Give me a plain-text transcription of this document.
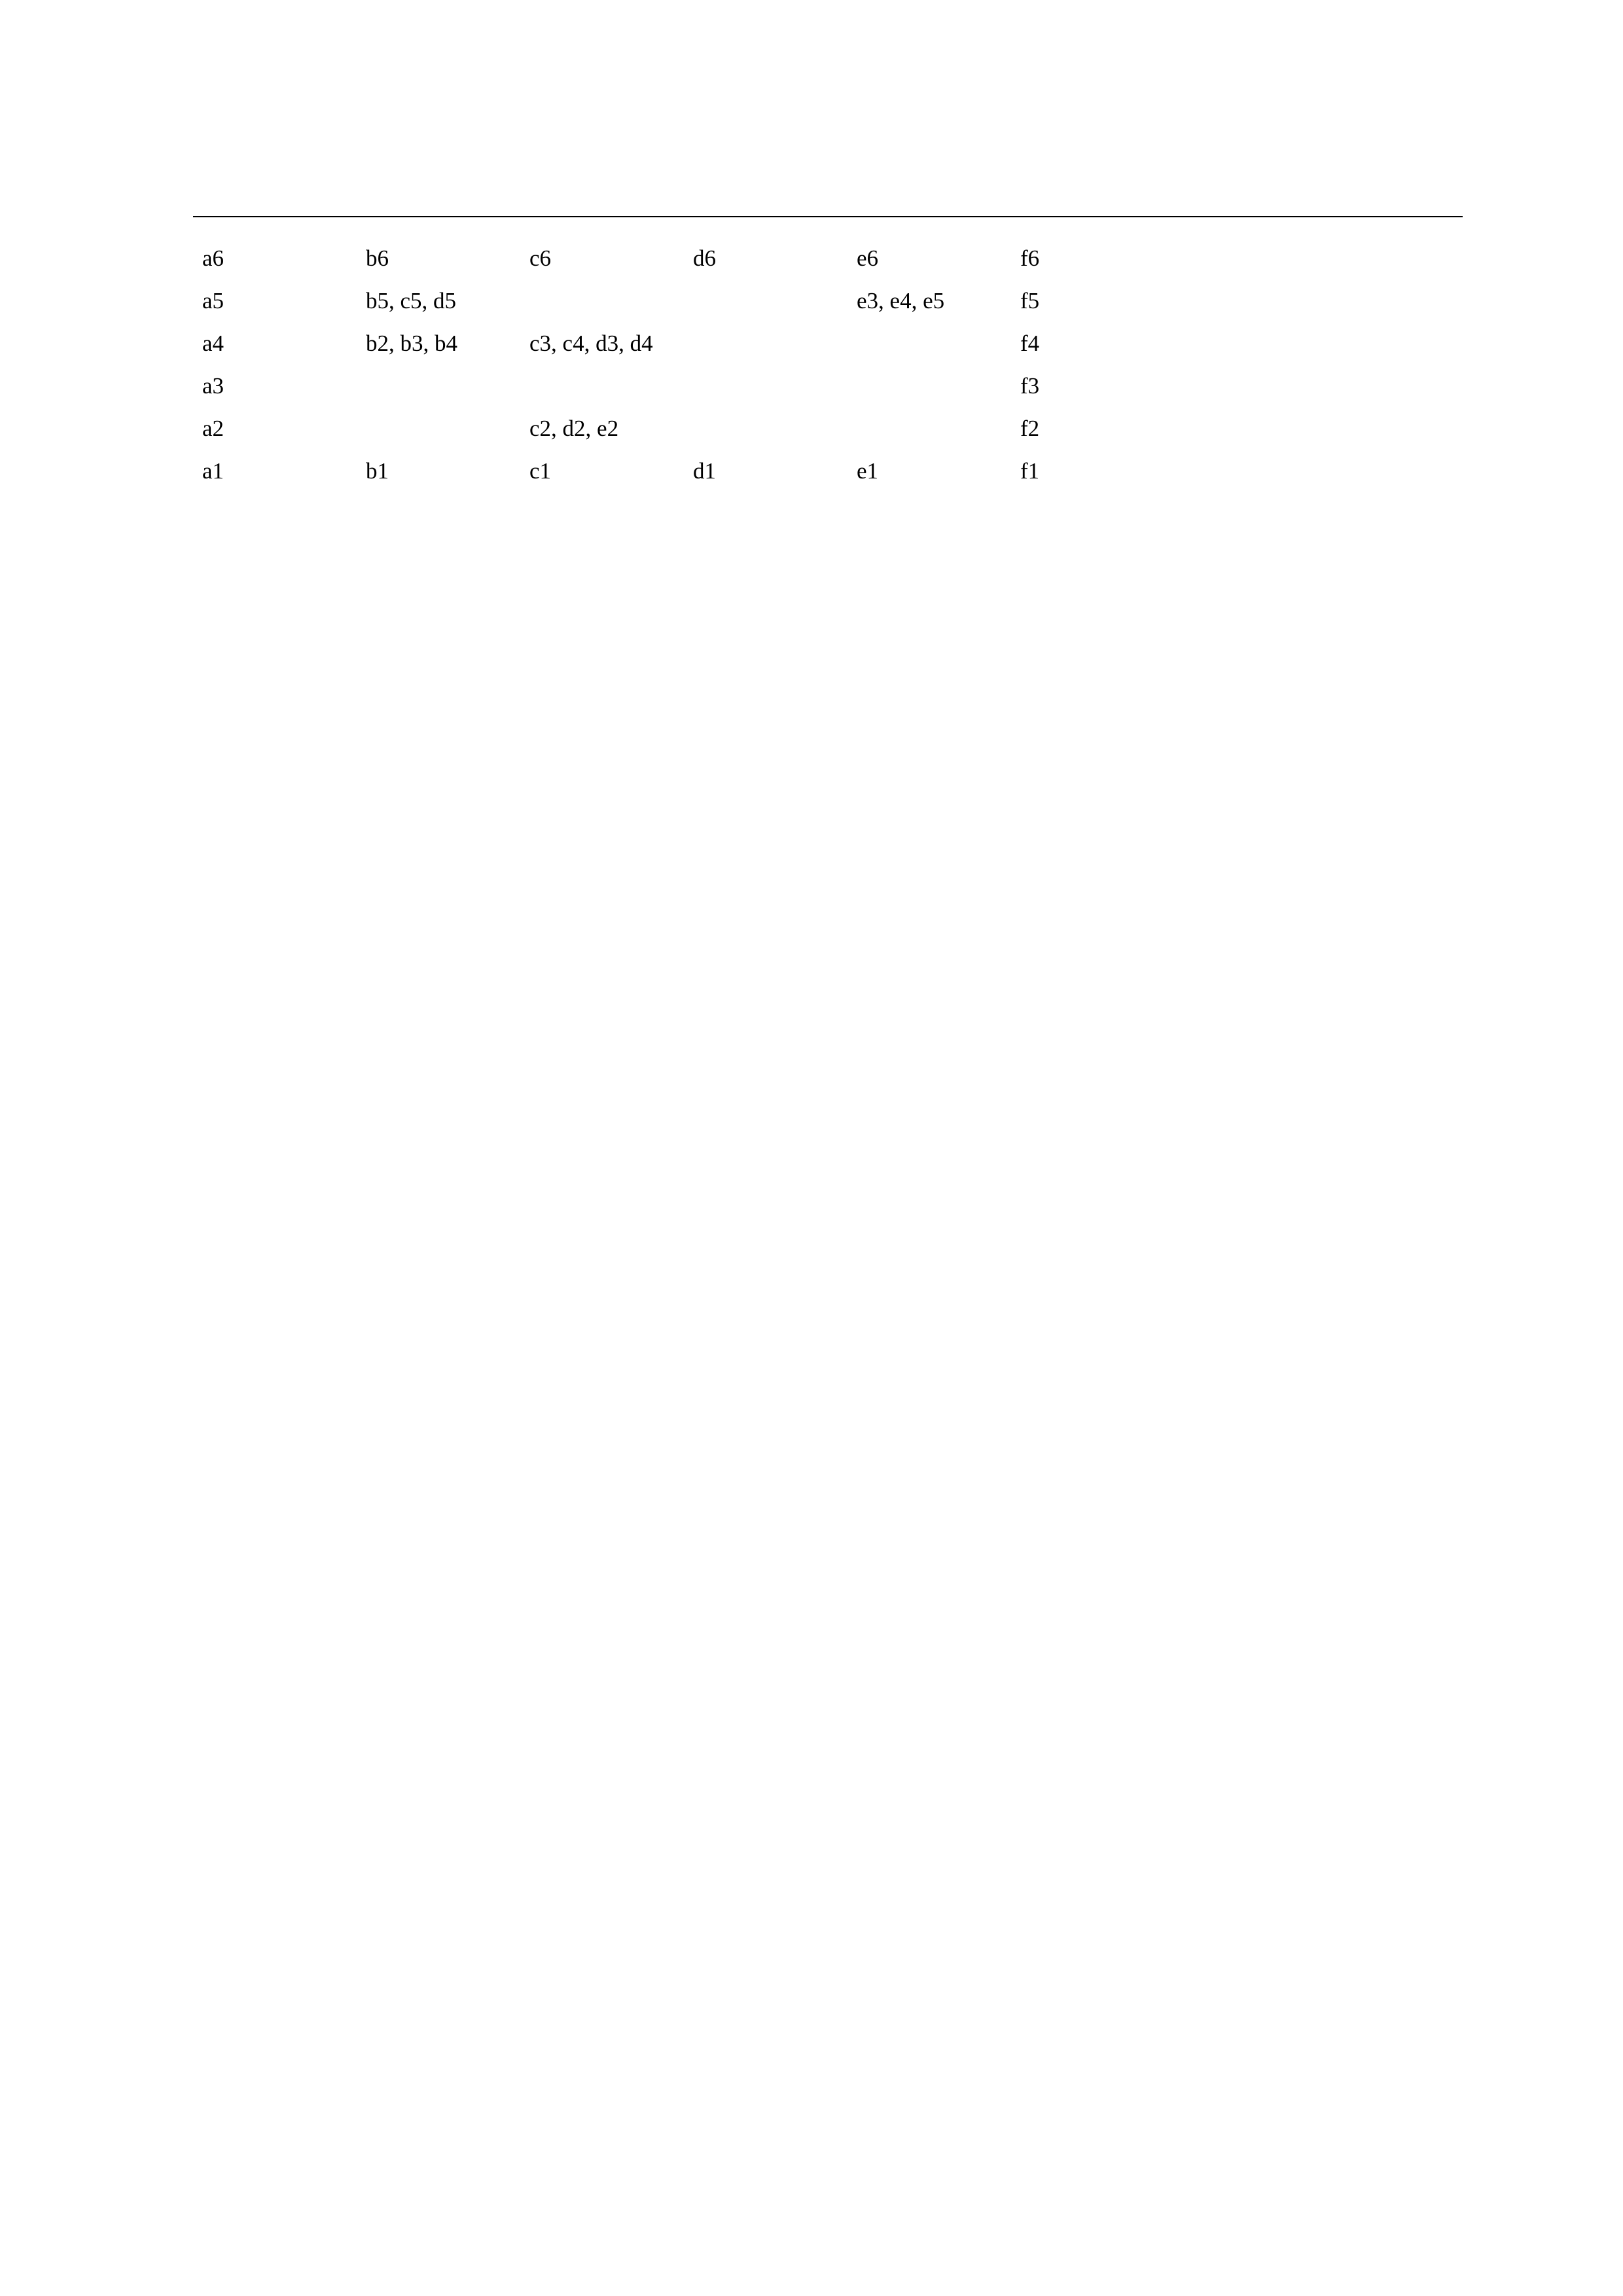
a6	b6	c6	d6	e6	f6
a5	b5, c5, d5			e3, e4, e5	f5
a4	b2, b3, b4	c3, c4, d3, d4			f4
a3					f3
a2		c2, d2, e2			f2
a1	b1	c1	d1	e1	f1
